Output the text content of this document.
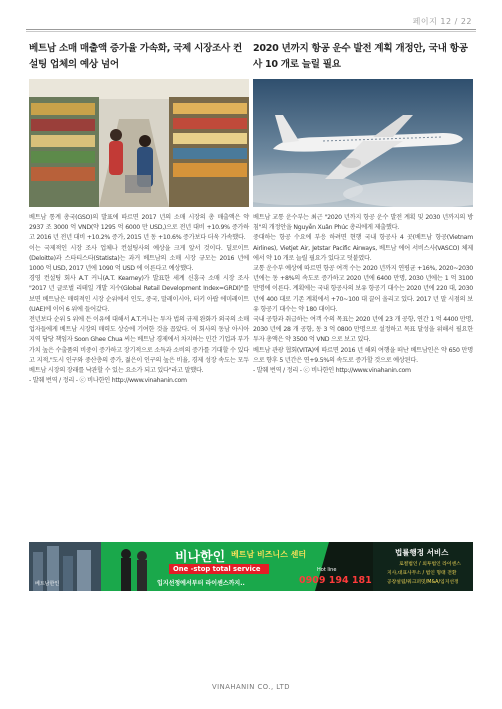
페이지 12 / 22
베트남 소매 매출액 증가율 가속화, 국제 시장조사 컨설팅 업체의 예상 넘어

베트남 통계 총국(GSO)의 발표에 따르면 2017 년의 소매 시장의 총 매출액은 약 2937 조 3000 억 VND(약 1295 억 6000 만 USD,)으로 전년 대비 +10.9% 증가하고 2016 년 전년 대비 +10.2% 증가, 2015 년 동 +10.6% 증가보다 더욱 가속했다.

이는 국제적인 시장 조사 업체나 컨설팅사의 예상을 크게 앞서 것이다. 딜로이트(Deloitte)과 스타티스타(Statista)는 과거 베트남의 소매 시장 규모는 2016 년에 1000 억 USD, 2017 년에 1090 억 USD 에 이른다고 예상했다.

경영 컨설팅 회사 A.T 커니(A.T. Kearney)가 발표한 세계 신흥국 소매 시장 조사 "2017 년 글로벌 리테일 개발 지수(Global Retail Development Index=GRDI)"를 보면 베트남은 매력적인 시장 순위에서 인도, 중국, 말레이시아, 터키 아랍 에미레이트(UAE)에 이어 6 위에 들어갔다.

전년보다 순위 5 위에 든 이유에 대해서 A.T.커니는 투자 법의 규제 완화가 외국의 소매업자들에게 베트남 시장의 매력도 상승에 기여한 것을 꼽았다. 이 회사의 동남 아시아 지역 담당 책임자 Soon Ghee Chua 씨는 베트남 경제에서 차지하는 민간 기업과 부가 가치 높은 수출품의 비중이 증가하고 장기적으로 소득과 소비의 증가를 기대할 수 있다고 지적,"도시 인구와 중산층의 증가, 젊은이 인구의 높은 비율, 경제 성장 속도는 모두 베트남 시장의 장래를 낙관할 수 있는 요소가 되고 있다"라고 말했다.

- 발췌 번역 / 정리 - ⓒ 비나한인 http://www.vinahanin.com

2020 년까지 항공 운수 발전 계획 개정안, 국내 항공사 10 개로 늘릴 필요

베트남 교통 운수부는 최근 "2020 년까지 항공 운수 발전 계획 및 2030 년까지의 방침"의 개정안을 Nguyễn Xuân Phúc 총리에게 제출했다.

중대하는 항공 수요에 부응 하려면 현행 국내 항공사 4 곳(베트남 항공(Vietnam Airlines), Vietjet Air, Jetstar Pacific Airways, 베트남 에어 서비스사(VASCO) 체제에서 약 10 개로 늘릴 필요가 있다고 덧붙였다.

교통 운수부 예상에 따르면 항공 여객 수는 2020 년까지 연평균 +16%, 2020~2030 년에는 동 +8%의 속도로 증가하고 2020 년에 6400 만명, 2030 년에는 1 억 3100 만명에 이른다. 계획에는 국내 항공사의 보유 항공기 대수는 2020 년에 220 대, 2030 년에 400 대로 기존 계획에서 +70~100 대 끌어 올리고 있다. 2017 년 말 시점의 보유 항공기 대수는 약 180 대이다.

국내 공항과 취급하는 여객 수의 목표는 2020 년에 23 개 공항, 연간 1 억 4400 만명, 2030 년에 28 개 공항, 동 3 억 0800 만명으로 설정하고 목표 달성을 위해서 필요한 투자 총액은 약 3500 억 VND 으로 보고 있다.

베트남 관광 협회(VITA)에 따르면 2016 년 해외 여행을 떠난 베트남인은 약 650 만명으로 향후 5 년간은 연+9.5%의 속도로 증가할 것으로 예상된다.

- 발췌 번역 / 정리 - ⓒ 비나한인 http://www.vinahanin.com

베트남한인
비나한인 베트남 비즈니스 센터
One -stop total service
입지선정에서부터 라이센스까지..
Hot line
0909 194 181
법률행정 서비스
로컬법인 / 외투법인 라이센스
지사,대표사무소 / 법인 형태 전환
공장설립/워크퍼밋/M&A/입지선정
VINAHANIN CO., LTD
